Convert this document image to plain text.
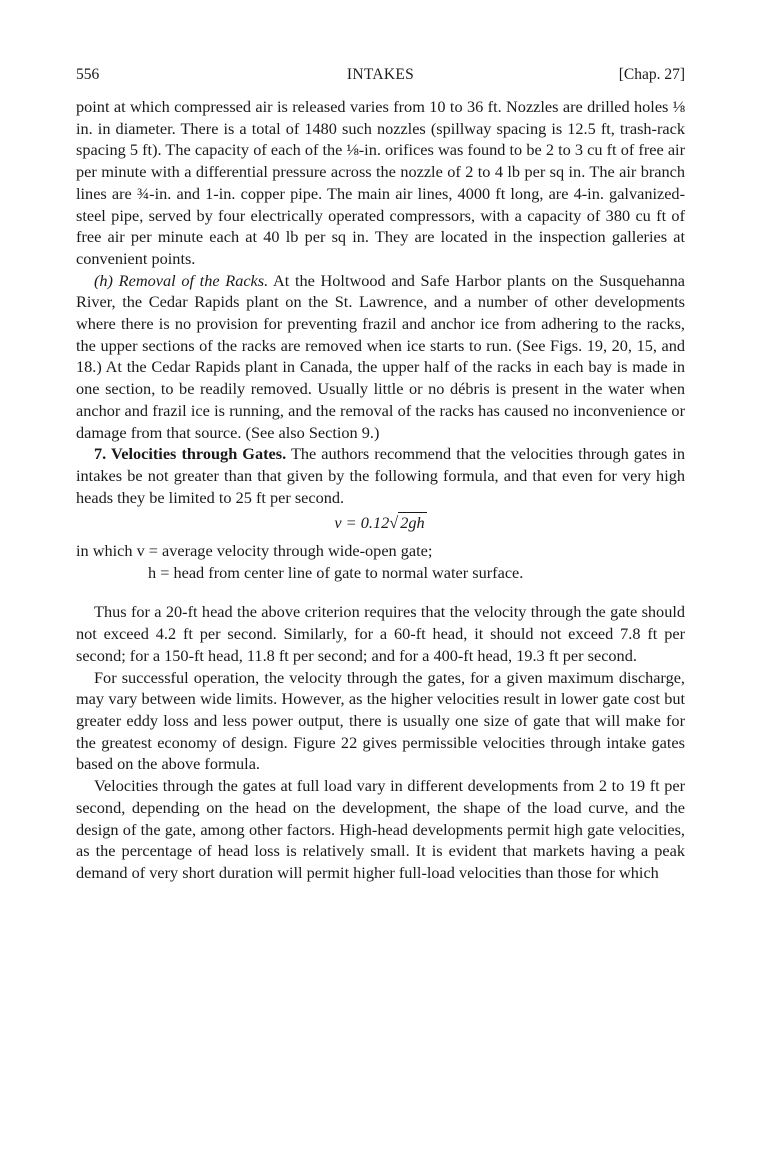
556	INTAKES	[Chap. 27]

point at which compressed air is released varies from 10 to 36 ft. Nozzles are drilled holes ⅛ in. in diameter. There is a total of 1480 such nozzles (spillway spacing is 12.5 ft, trash-rack spacing 5 ft). The capacity of each of the ⅛-in. orifices was found to be 2 to 3 cu ft of free air per minute with a differential pressure across the nozzle of 2 to 4 lb per sq in. The air branch lines are ¾-in. and 1-in. copper pipe. The main air lines, 4000 ft long, are 4-in. galvanized-steel pipe, served by four electrically operated compressors, with a capacity of 380 cu ft of free air per minute each at 40 lb per sq in. They are located in the inspection galleries at convenient points.

(h) Removal of the Racks. At the Holtwood and Safe Harbor plants on the Susquehanna River, the Cedar Rapids plant on the St. Lawrence, and a number of other developments where there is no provision for preventing frazil and anchor ice from adhering to the racks, the upper sections of the racks are removed when ice starts to run. (See Figs. 19, 20, 15, and 18.) At the Cedar Rapids plant in Canada, the upper half of the racks in each bay is made in one section, to be readily removed. Usually little or no débris is present in the water when anchor and frazil ice is running, and the removal of the racks has caused no inconvenience or damage from that source. (See also Section 9.)

7. Velocities through Gates. The authors recommend that the velocities through gates in intakes be not greater than that given by the following formula, and that even for very high heads they be limited to 25 ft per second.

v = 0.12√ 2gh
in which v = average velocity through wide-open gate;
h = head from center line of gate to normal water surface.

Thus for a 20-ft head the above criterion requires that the velocity through the gate should not exceed 4.2 ft per second. Similarly, for a 60-ft head, it should not exceed 7.8 ft per second; for a 150-ft head, 11.8 ft per second; and for a 400-ft head, 19.3 ft per second.

For successful operation, the velocity through the gates, for a given maximum discharge, may vary between wide limits. However, as the higher velocities result in lower gate cost but greater eddy loss and less power output, there is usually one size of gate that will make for the greatest economy of design. Figure 22 gives permissible velocities through intake gates based on the above formula.

Velocities through the gates at full load vary in different developments from 2 to 19 ft per second, depending on the head on the development, the shape of the load curve, and the design of the gate, among other factors. High-head developments permit high gate velocities, as the percentage of head loss is relatively small. It is evident that markets having a peak demand of very short duration will permit higher full-load velocities than those for which
